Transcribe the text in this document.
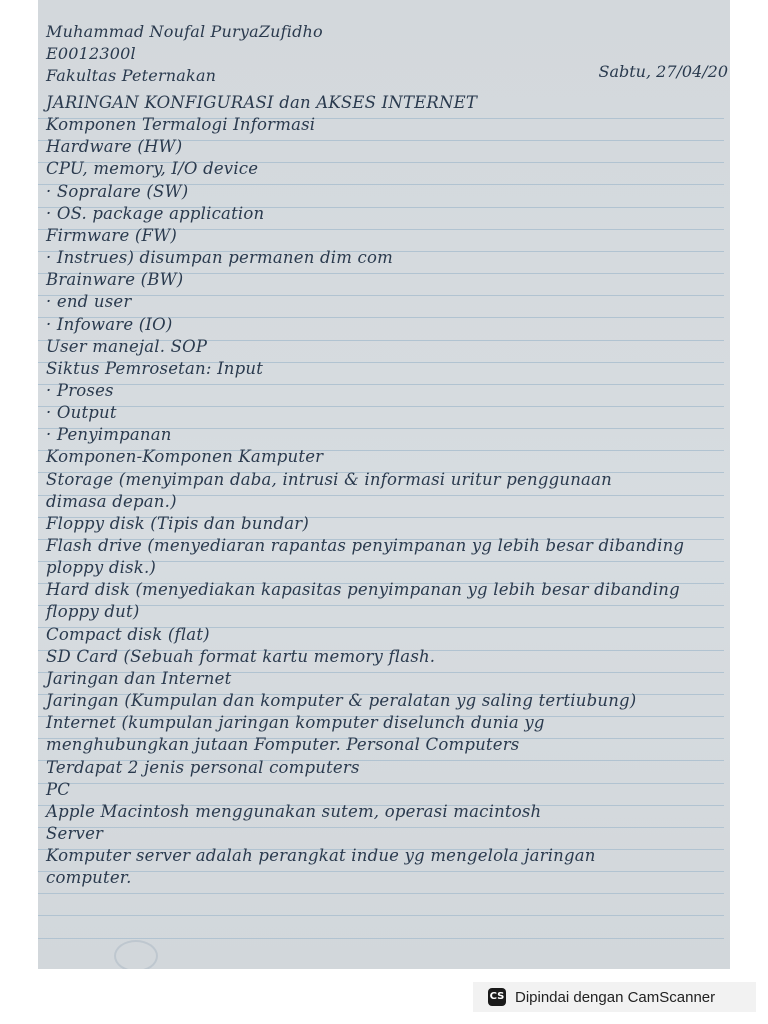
Muhammad Noufal PuryaZufidho
E0012300l
Fakultas Peternakan	Sabtu, 27/04/20
JARINGAN KONFIGURASI dan AKSES INTERNET
Komponen Termalogi Informasi
Hardware (HW)
CPU, memory, I/O device
· Sopralare (SW)
· OS. package application
Firmware (FW)
· Instrues) disumpan permanen dim com
Brainware (BW)
· end user
· Infoware (IO)
User manejal. SOP
Siktus Pemrosetan: Input
· Proses
· Output
· Penyimpanan
Komponen-Komponen Kamputer
Storage (menyimpan daba, intrusi & informasi uritur penggunaan
dimasa depan.)
Floppy disk (Tipis dan bundar)
Flash drive (menyediaran rapantas penyimpanan yg lebih besar dibanding
ploppy disk.)
Hard disk (menyediakan kapasitas penyimpanan yg lebih besar dibanding
floppy dut)
Compact disk (flat)
SD Card (Sebuah format kartu memory flash.
Jaringan dan Internet
Jaringan (Kumpulan dan komputer & peralatan yg saling tertiubung)
Internet (kumpulan jaringan komputer diselunch dunia yg
menghubungkan jutaan Fomputer. Personal Computers
Terdapat 2 jenis personal computers
PC
Apple Macintosh menggunakan sutem, operasi macintosh
Server
Komputer server adalah perangkat indue yg mengelola jaringan
computer.
CS Dipindai dengan CamScanner
